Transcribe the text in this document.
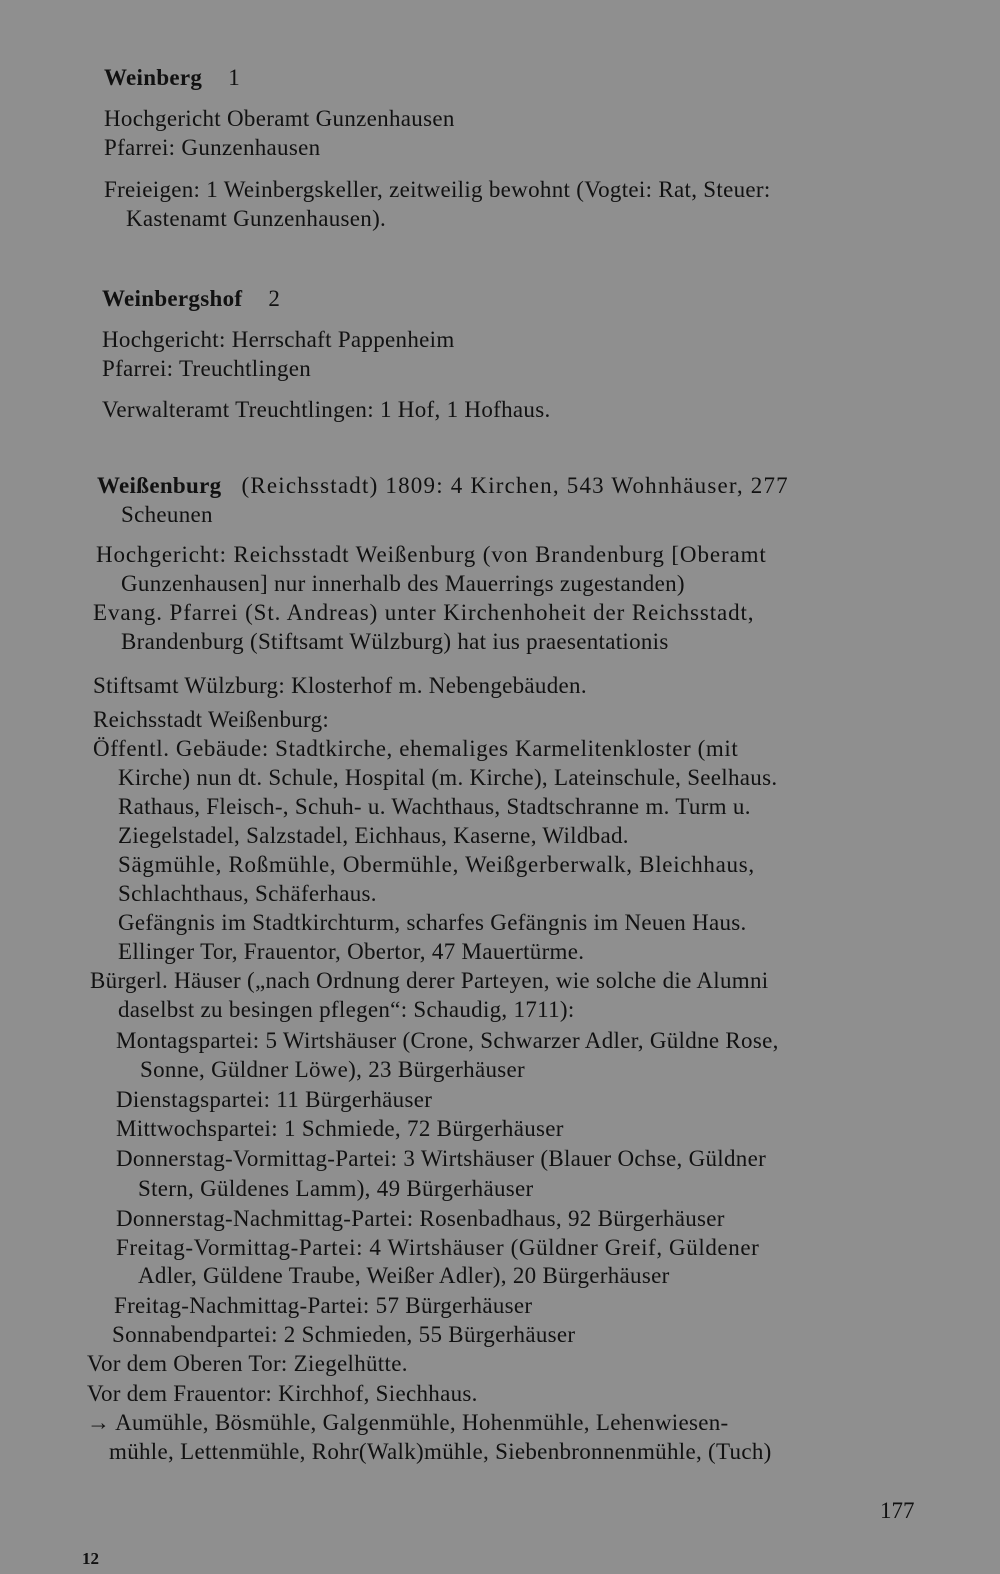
Weinberg 1
Hochgericht Oberamt Gunzenhausen
Pfarrei: Gunzenhausen
Freieigen: 1 Weinbergskeller, zeitweilig bewohnt (Vogtei: Rat, Steuer:
Kastenamt Gunzenhausen).
Weinbergshof 2
Hochgericht: Herrschaft Pappenheim
Pfarrei: Treuchtlingen
Verwalteramt Treuchtlingen: 1 Hof, 1 Hofhaus.
Weißenburg (Reichsstadt) 1809: 4 Kirchen, 543 Wohnhäuser, 277
Scheunen
Hochgericht: Reichsstadt Weißenburg (von Brandenburg [Oberamt
Gunzenhausen] nur innerhalb des Mauerrings zugestanden)
Evang. Pfarrei (St. Andreas) unter Kirchenhoheit der Reichsstadt,
Brandenburg (Stiftsamt Wülzburg) hat ius praesentationis
Stiftsamt Wülzburg: Klosterhof m. Nebengebäuden.
Reichsstadt Weißenburg:
Öffentl. Gebäude: Stadtkirche, ehemaliges Karmelitenkloster (mit
Kirche) nun dt. Schule, Hospital (m. Kirche), Lateinschule, Seelhaus.
Rathaus, Fleisch-, Schuh- u. Wachthaus, Stadtschranne m. Turm u.
Ziegelstadel, Salzstadel, Eichhaus, Kaserne, Wildbad.
Sägmühle, Roßmühle, Obermühle, Weißgerberwalk, Bleichhaus,
Schlachthaus, Schäferhaus.
Gefängnis im Stadtkirchturm, scharfes Gefängnis im Neuen Haus.
Ellinger Tor, Frauentor, Obertor, 47 Mauertürme.
Bürgerl. Häuser („nach Ordnung derer Parteyen, wie solche die Alumni
daselbst zu besingen pflegen“: Schaudig, 1711):
Montagspartei: 5 Wirtshäuser (Crone, Schwarzer Adler, Güldne Rose,
Sonne, Güldner Löwe), 23 Bürgerhäuser
Dienstagspartei: 11 Bürgerhäuser
Mittwochspartei: 1 Schmiede, 72 Bürgerhäuser
Donnerstag-Vormittag-Partei: 3 Wirtshäuser (Blauer Ochse, Güldner
Stern, Güldenes Lamm), 49 Bürgerhäuser
Donnerstag-Nachmittag-Partei: Rosenbadhaus, 92 Bürgerhäuser
Freitag-Vormittag-Partei: 4 Wirtshäuser (Güldner Greif, Güldener
Adler, Güldene Traube, Weißer Adler), 20 Bürgerhäuser
Freitag-Nachmittag-Partei: 57 Bürgerhäuser
Sonnabendpartei: 2 Schmieden, 55 Bürgerhäuser
Vor dem Oberen Tor: Ziegelhütte.
Vor dem Frauentor: Kirchhof, Siechhaus.
→ Aumühle, Bösmühle, Galgenmühle, Hohenmühle, Lehenwiesen-
mühle, Lettenmühle, Rohr(Walk)mühle, Siebenbronnenmühle, (Tuch)
12
177
